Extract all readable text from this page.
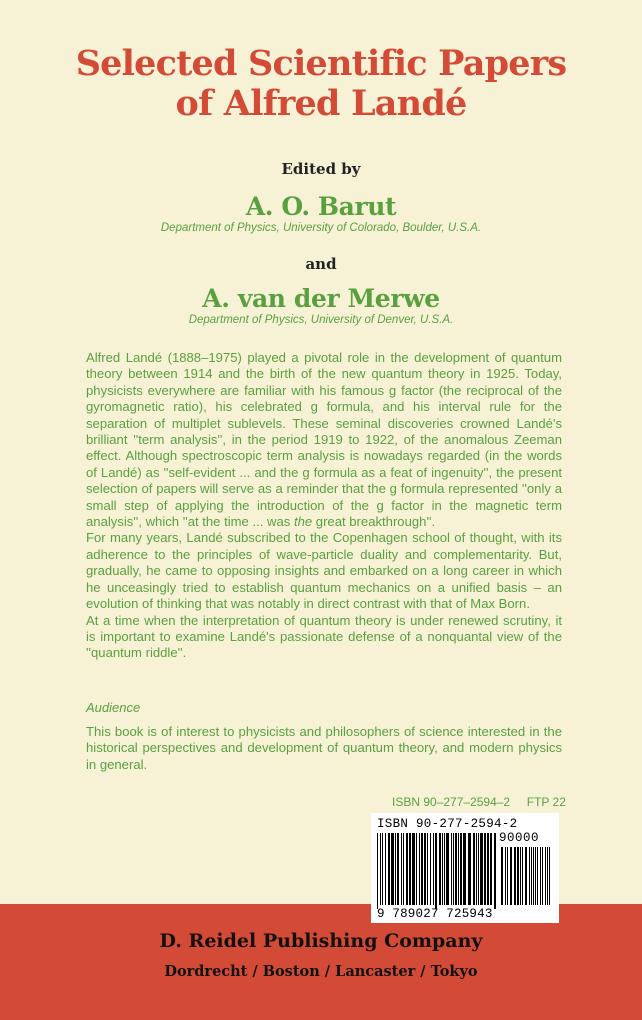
Selected Scientific Papers
of Alfred Landé
Edited by
A. O. Barut
Department of Physics, University of Colorado, Boulder, U.S.A.
and
A. van der Merwe
Department of Physics, University of Denver, U.S.A.

Alfred Landé (1888–1975) played a pivotal role in the development of quantum theory between 1914 and the birth of the new quantum theory in 1925. Today, physicists everywhere are familiar with his famous g factor (the reciprocal of the gyromagnetic ratio), his celebrated g formula, and his interval rule for the separation of multiplet sublevels. These seminal discoveries crowned Landé's brilliant ''term analysis'', in the period 1919 to 1922, of the anomalous Zeeman effect. Although spectroscopic term analysis is nowadays regarded (in the words of Landé) as ''self-evident ... and the g formula as a feat of ingenuity'', the present selection of papers will serve as a reminder that the g formula represented ''only a small step of applying the introduction of the g factor in the magnetic term analysis'', which ''at the time ... was the great breakthrough''.

For many years, Landé subscribed to the Copenhagen school of thought, with its adherence to the principles of wave-particle duality and complementarity. But, gradually, he came to opposing insights and embarked on a long career in which he unceasingly tried to establish quantum mechanics on a unified basis – an evolution of thinking that was notably in direct contrast with that of Max Born.

At a time when the interpretation of quantum theory is under renewed scrutiny, it is important to examine Landé's passionate defense of a nonquantal view of the ''quantum riddle''.

Audience
This book is of interest to physicists and philosophers of science interested in the historical perspectives and development of quantum theory, and modern physics in general.
ISBN 90–277–2594–2     FTP 22
ISBN 90-277-2594-2
90000
9 789027 725943
D. Reidel Publishing Company
Dordrecht / Boston / Lancaster / Tokyo
